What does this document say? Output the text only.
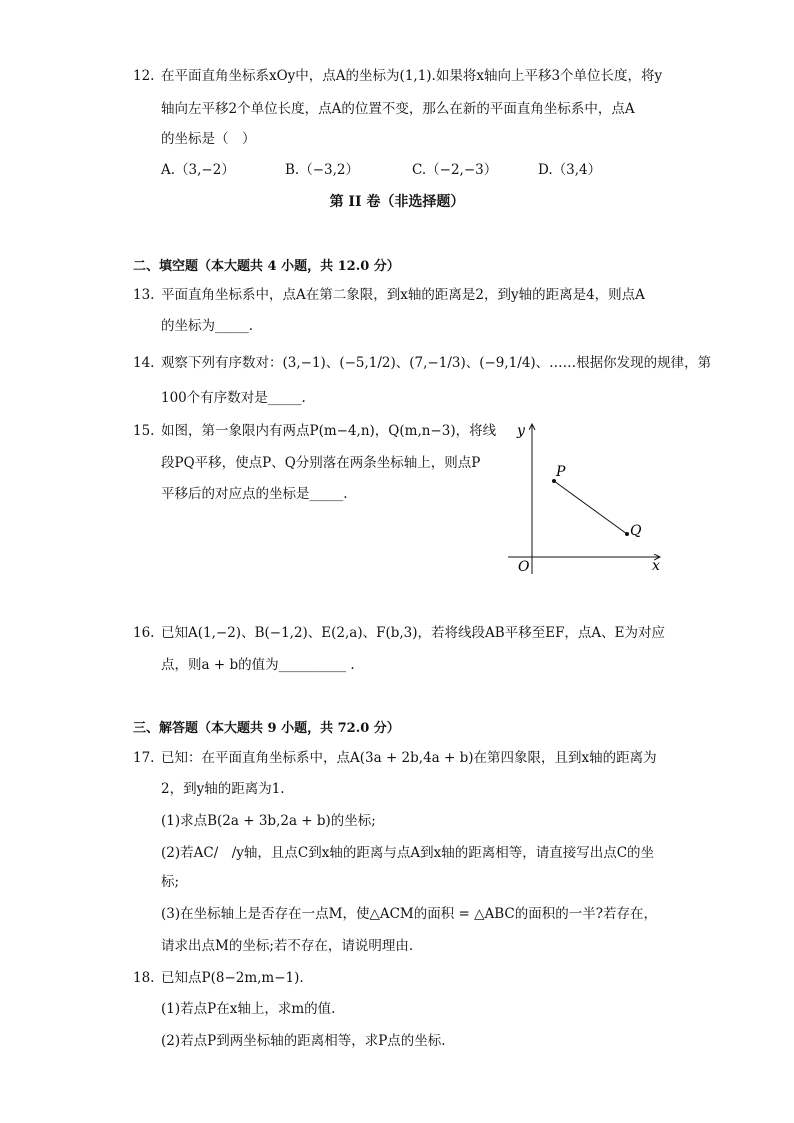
12. 在平面直角坐标系xOy中，点A的坐标为(1,1).如果将x轴向上平移3个单位长度，将y
轴向左平移2个单位长度，点A的位置不变，那么在新的平面直角坐标系中，点A
的坐标是（　）
A.（3,−2）	B.（−3,2）	C.（−2,−3）	D.（3,4）
第 II 卷（非选择题）
二、填空题（本大题共 4 小题，共 12.0 分）
13. 平面直角坐标系中，点A在第二象限，到x轴的距离是2，到y轴的距离是4，则点A
的坐标为_____.
14. 观察下列有序数对：(3,−1)、(−5,1/2)、(7,−1/3)、(−9,1/4)、……根据你发现的规律，第
100个有序数对是_____.
15. 如图，第一象限内有两点P(m−4,n)，Q(m,n−3)，将线
段PQ平移，使点P、Q分别落在两条坐标轴上，则点P
平移后的对应点的坐标是_____.
y
x
O
P
Q
16. 已知A(1,−2)、B(−1,2)、E(2,a)、F(b,3)，若将线段AB平移至EF，点A、E为对应
点，则a + b的值为__________ .
三、解答题（本大题共 9 小题，共 72.0 分）
17. 已知：在平面直角坐标系中，点A(3a + 2b,4a + b)在第四象限，且到x轴的距离为
2，到y轴的距离为1.
(1)求点B(2a + 3b,2a + b)的坐标;
(2)若AC/　/y轴，且点C到x轴的距离与点A到x轴的距离相等，请直接写出点C的坐
标;
(3)在坐标轴上是否存在一点M，使△ACM的面积 = △ABC的面积的一半?若存在，
请求出点M的坐标;若不存在，请说明理由.
18. 已知点P(8−2m,m−1).
(1)若点P在x轴上，求m的值.
(2)若点P到两坐标轴的距离相等，求P点的坐标.
